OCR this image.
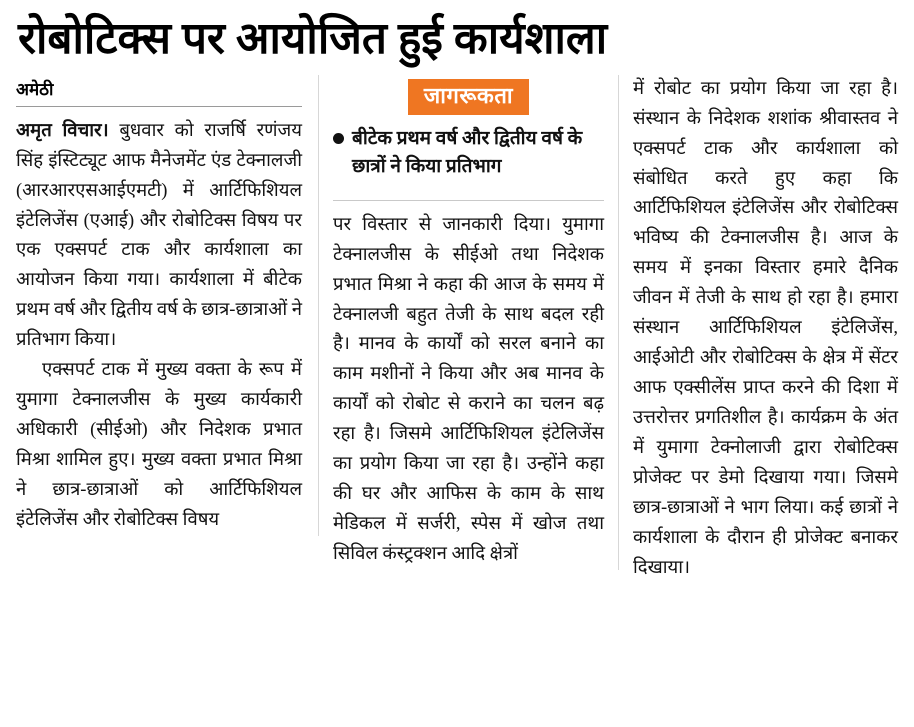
रोबोटिक्स पर आयोजित हुई कार्यशाला
अमेठी

अमृत विचार। बुधवार को राजर्षि रणंजय सिंह इंस्टिट्यूट आफ मैनेजमेंट एंड टेक्नालजी (आरआरएसआईएमटी) में आर्टिफिशियल इंटेलिजेंस (एआई) और रोबोटिक्स विषय पर एक एक्सपर्ट टाक और कार्यशाला का आयोजन किया गया। कार्यशाला में बीटेक प्रथम वर्ष और द्वितीय वर्ष के छात्र-छात्राओं ने प्रतिभाग किया।

एक्सपर्ट टाक में मुख्य वक्ता के रूप में युमागा टेक्नालजीस के मुख्य कार्यकारी अधिकारी (सीईओ) और निदेशक प्रभात मिश्रा शामिल हुए। मुख्य वक्ता प्रभात मिश्रा ने छात्र-छात्राओं को आर्टिफिशियल इंटेलिजेंस और रोबोटिक्स विषय

जागरूकता
बीटेक प्रथम वर्ष और द्वितीय वर्ष के छात्रों ने किया प्रतिभाग

पर विस्तार से जानकारी दिया। युमागा टेक्नालजीस के सीईओ तथा निदेशक प्रभात मिश्रा ने कहा की आज के समय में टेक्नालजी बहुत तेजी के साथ बदल रही है। मानव के कार्यों को सरल बनाने का काम मशीनों ने किया और अब मानव के कार्यों को रोबोट से कराने का चलन बढ़ रहा है। जिसमे आर्टिफिशियल इंटेलिजेंस का प्रयोग किया जा रहा है। उन्होंने कहा की घर और आफिस के काम के साथ मेडिकल में सर्जरी, स्पेस में खोज तथा सिविल कंस्ट्रक्शन आदि क्षेत्रों

में रोबोट का प्रयोग किया जा रहा है। संस्थान के निदेशक शशांक श्रीवास्तव ने एक्सपर्ट टाक और कार्यशाला को संबोधित करते हुए कहा कि आर्टिफिशियल इंटेलिजेंस और रोबोटिक्स भविष्य की टेक्नालजीस है। आज के समय में इनका विस्तार हमारे दैनिक जीवन में तेजी के साथ हो रहा है। हमारा संस्थान आर्टिफिशियल इंटेलिजेंस, आईओटी और रोबोटिक्स के क्षेत्र में सेंटर आफ एक्सीलेंस प्राप्त करने की दिशा में उत्तरोत्तर प्रगतिशील है। कार्यक्रम के अंत में युमागा टेक्नोलाजी द्वारा रोबोटिक्स प्रोजेक्ट पर डेमो दिखाया गया। जिसमे छात्र-छात्राओं ने भाग लिया। कई छात्रों ने कार्यशाला के दौरान ही प्रोजेक्ट बनाकर दिखाया।
